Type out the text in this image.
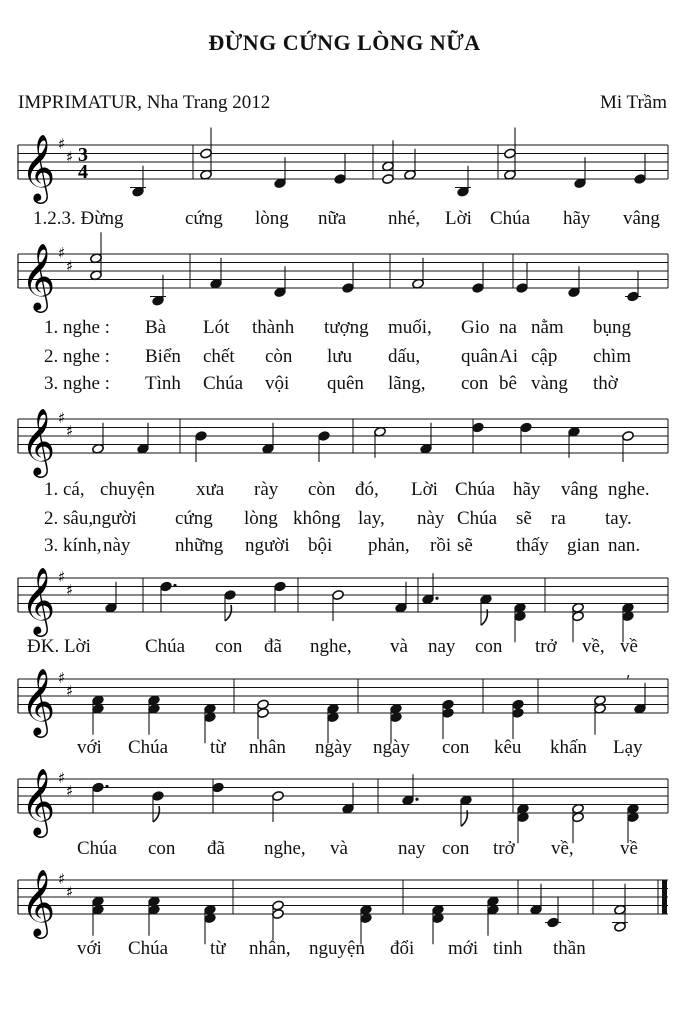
ĐỪNG CỨNG LÒNG NỮA
IMPRIMATUR, Nha Trang 2012	Mi Trầm
𝄞 ♯
♯ 3
4
𝄞 ♯
♯
𝄞 ♯
♯
𝄞 ♯
♯
𝄞 ♯
♯
,
𝄞 ♯
♯
𝄞 ♯
♯
1.2.3. Đừng	cứng lòng nữa nhé, Lời Chúa hãy vâng
1. nghe : Bà Lót thành tượng muối, Gio na nằm bụng
2. nghe : Biển chết còn lưu dấu, quân Ai cập chìm
3. nghe : Tình Chúa vội quên lãng, con bê vàng thờ
1. cá, chuyện xưa rày còn đó, Lời Chúa hãy vâng nghe.
2. sâu,
người cứng lòng không lay, này Chúa sẽ ra tay.
3. kính, này những người bội phản, rồi sẽ thấy gian nan.
ĐK. Lời	Chúa con đã nghe, và nay con trở về, về
với Chúa từ nhân ngày ngày con kêu khấn Lạy
Chúa con đã nghe, và	nay con trở về, về
với Chúa từ nhân, nguyện đổi mới tinh thần
